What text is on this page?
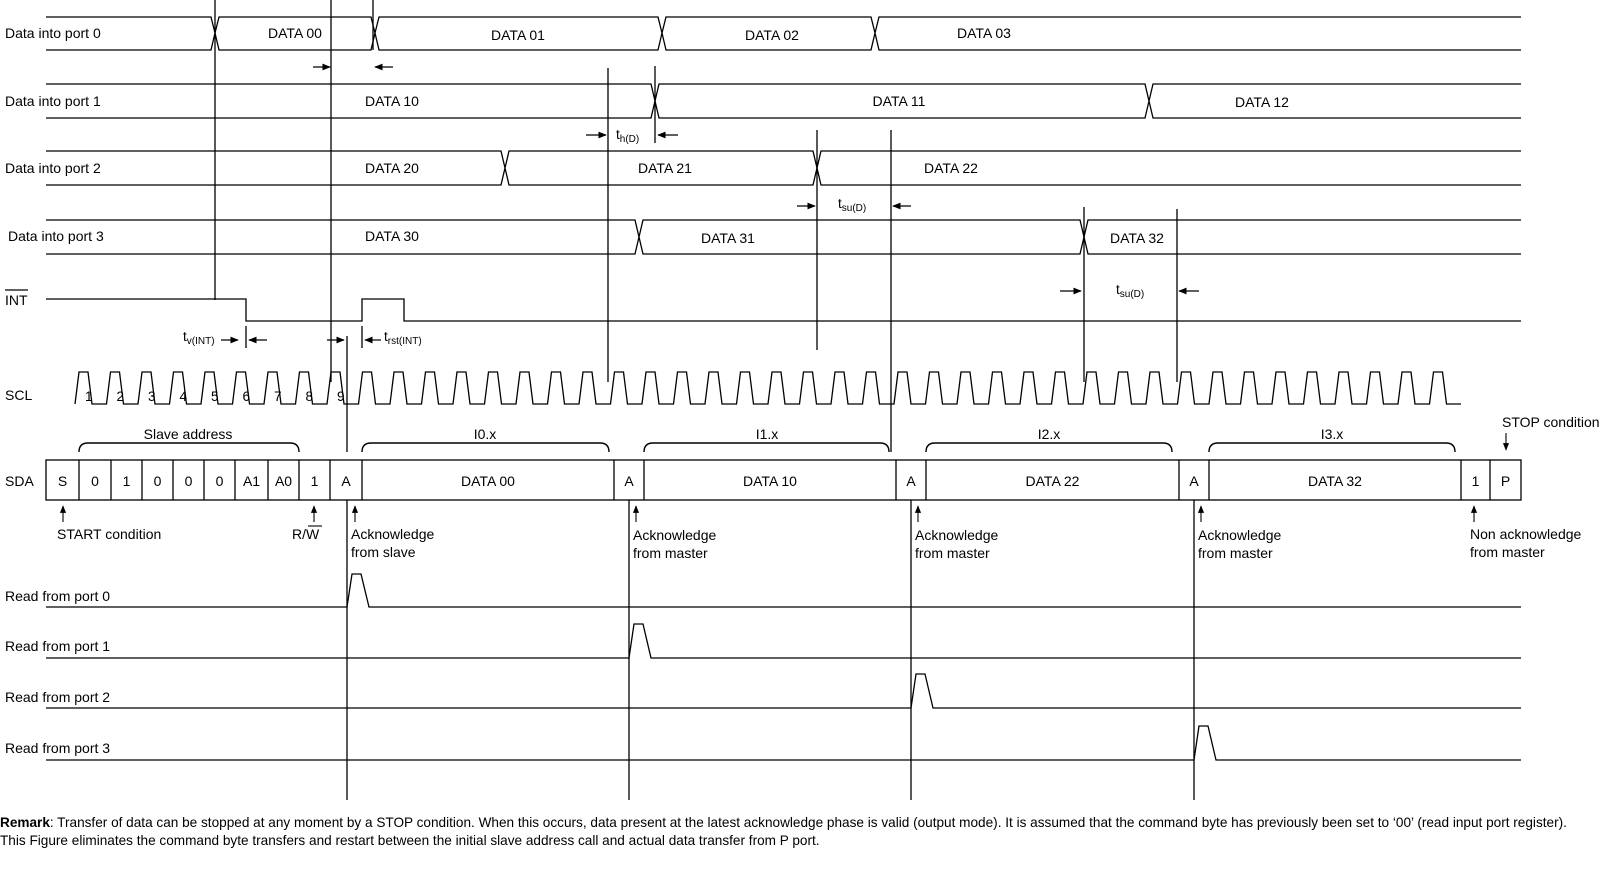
Data into port 0
Data into port 1
Data into port 2
Data into port 3
INT
SCL
SDA
DATA 00	DATA 01	DATA 02	DATA 03
DATA 10	DATA 11	DATA 12
DATA 20	DATA 21	DATA 22
DATA 30	DATA 31	DATA 32
$t_{h(D)}$
$t_{su(D)}$
$t_{su(D)}$
$t_{v(INT)}$	$t_{rst(INT)}$
1 2 3 4 5 6 7 8 9
S 0 1 0 0 0 A1 A0 1 A	DATA 00	A	DATA 10	A	DATA 22	A	DATA 32	1 P
Slave address	I0.x	I1.x	I2.x	I3.x
START condition	R/W Acknowledge
from slave
Acknowledge
from master
Acknowledge
from master
Acknowledge
from master
Non acknowledge
from master
STOP condition
Read from port 0
Read from port 1
Read from port 2
Read from port 3
Remark: Transfer of data can be stopped at any moment by a STOP condition. When this occurs, data present at the latest acknowledge phase is valid (output mode). It is assumed that the command byte has previously been set to ‘00’ (read input port register).
This Figure eliminates the command byte transfers and restart between the initial slave address call and actual data transfer from P port.
